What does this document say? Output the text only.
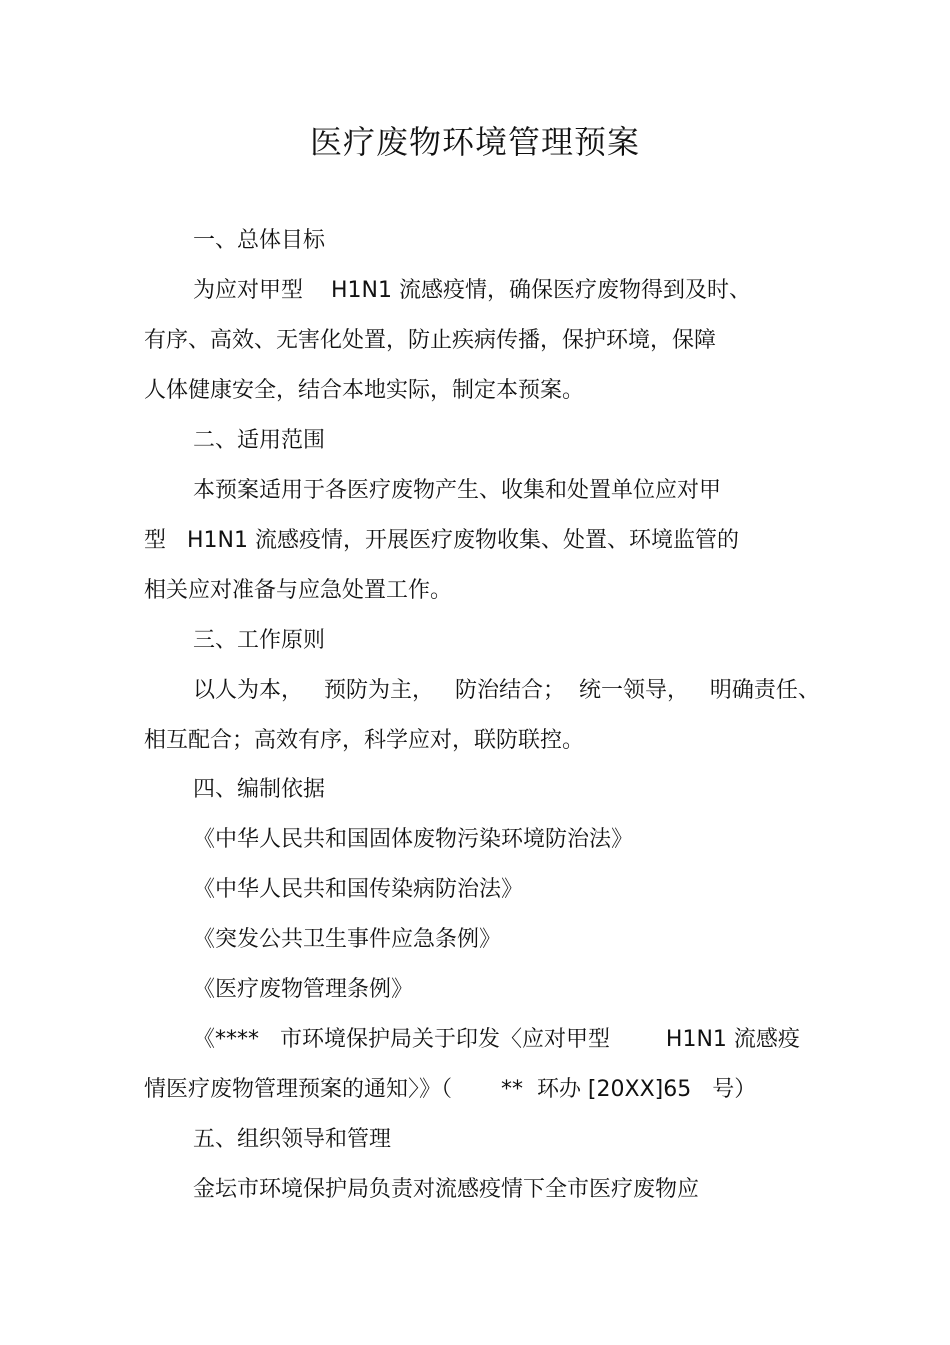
医疗废物环境管理预案
一、总体目标
为应对甲型    H1N1 流感疫情，确保医疗废物得到及时、
有序、高效、无害化处置，防止疾病传播，保护环境，保障
人体健康安全，结合本地实际，制定本预案。
二、适用范围
本预案适用于各医疗废物产生、收集和处置单位应对甲
型   H1N1 流感疫情，开展医疗废物收集、处置、环境监管的
相关应对准备与应急处置工作。
三、工作原则
以人为本，   预防为主，   防治结合；  统一领导，   明确责任、
相互配合；高效有序，科学应对，联防联控。
四、编制依据
《中华人民共和国固体废物污染环境防治法》
《中华人民共和国传染病防治法》
《突发公共卫生事件应急条例》
《医疗废物管理条例》
《****   市环境保护局关于印发〈应对甲型        H1N1 流感疫
情医疗废物管理预案的通知〉》（       **  环办 [20XX]65   号）
五、组织领导和管理
金坛市环境保护局负责对流感疫情下全市医疗废物应
